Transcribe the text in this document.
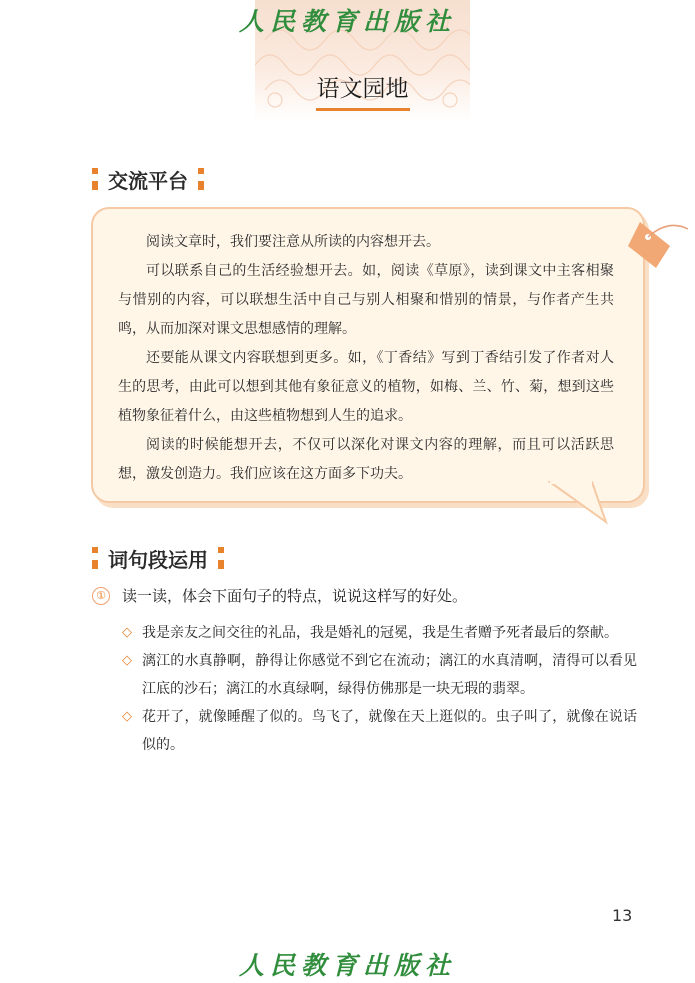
人民教育出版社
语文园地
交流平台

阅读文章时，我们要注意从所读的内容想开去。

可以联系自己的生活经验想开去。如，阅读《草原》，读到课文中主客相聚与惜别的内容，可以联想生活中自己与别人相聚和惜别的情景，与作者产生共鸣，从而加深对课文思想感情的理解。

还要能从课文内容联想到更多。如，《丁香结》写到丁香结引发了作者对人生的思考，由此可以想到其他有象征意义的植物，如梅、兰、竹、菊，想到这些植物象征着什么，由这些植物想到人生的追求。

阅读的时候能想开去，不仅可以深化对课文内容的理解，而且可以活跃思想，激发创造力。我们应该在这方面多下功夫。

词句段运用
① 读一读，体会下面句子的特点，说说这样写的好处。
◇ 我是亲友之间交往的礼品，我是婚礼的冠冕，我是生者赠予死者最后的祭献。
◇ 漓江的水真静啊，静得让你感觉不到它在流动；漓江的水真清啊，清得可以看见江底的沙石；漓江的水真绿啊，绿得仿佛那是一块无瑕的翡翠。
◇ 花开了，就像睡醒了似的。鸟飞了，就像在天上逛似的。虫子叫了，就像在说话似的。
13
人民教育出版社
